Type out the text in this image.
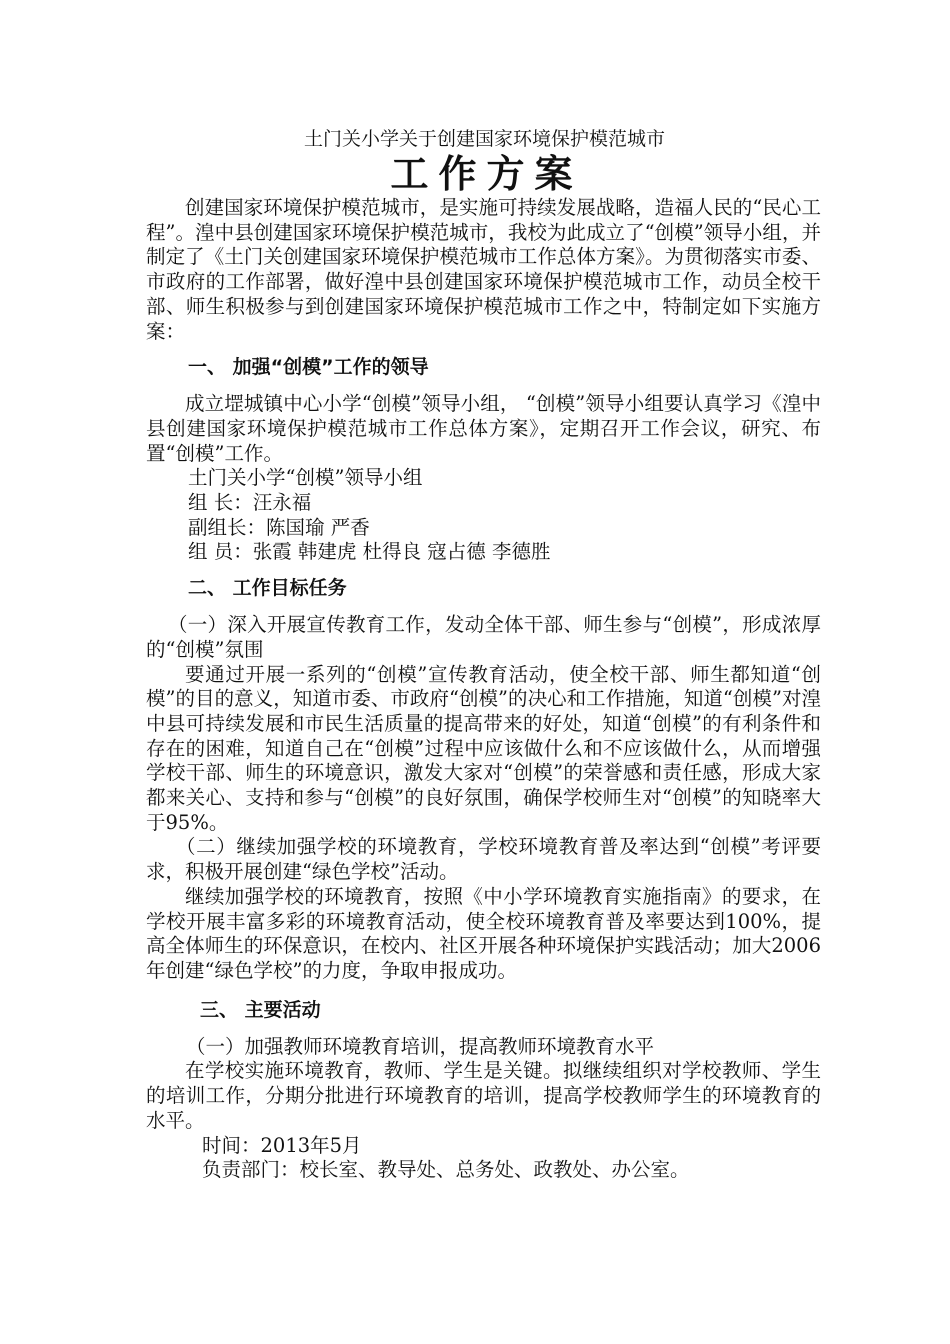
土门关小学关于创建国家环境保护模范城市

工作方案

创建国家环境保护模范城市，是实施可持续发展战略，造福人民的“民心工程”。湟中县创建国家环境保护模范城市，我校为此成立了“创模”领导小组，并制定了《土门关创建国家环境保护模范城市工作总体方案》。为贯彻落实市委、市政府的工作部署，做好湟中县创建国家环境保护模范城市工作，动员全校干部、师生积极参与到创建国家环境保护模范城市工作之中，特制定如下实施方案：

一、 加强“创模”工作的领导

成立堽城镇中心小学“创模”领导小组， “创模”领导小组要认真学习《湟中县创建国家环境保护模范城市工作总体方案》，定期召开工作会议，研究、布置“创模”工作。

土门关小学“创模”领导小组

组 长：汪永福

副组长：陈国瑜 严香

组 员：张霞 韩建虎 杜得良 寇占德 李德胜

二、 工作目标任务

（一）深入开展宣传教育工作，发动全体干部、师生参与“创模”，形成浓厚的“创模”氛围

要通过开展一系列的“创模”宣传教育活动，使全校干部、师生都知道“创模”的目的意义，知道市委、市政府“创模”的决心和工作措施，知道“创模”对湟中县可持续发展和市民生活质量的提高带来的好处，知道“创模”的有利条件和存在的困难，知道自己在“创模”过程中应该做什么和不应该做什么，从而增强学校干部、师生的环境意识，激发大家对“创模”的荣誉感和责任感，形成大家都来关心、支持和参与“创模”的良好氛围，确保学校师生对“创模”的知晓率大于95%。

（二）继续加强学校的环境教育，学校环境教育普及率达到“创模”考评要求，积极开展创建“绿色学校”活动。

继续加强学校的环境教育，按照《中小学环境教育实施指南》的要求，在学校开展丰富多彩的环境教育活动，使全校环境教育普及率要达到100%，提高全体师生的环保意识，在校内、社区开展各种环境保护实践活动；加大2006年创建“绿色学校”的力度，争取申报成功。

三、 主要活动

（一）加强教师环境教育培训，提高教师环境教育水平

在学校实施环境教育，教师、学生是关键。拟继续组织对学校教师、学生的培训工作，分期分批进行环境教育的培训，提高学校教师学生的环境教育的水平。

时间：2013年5月

负责部门：校长室、教导处、总务处、政教处、办公室。
